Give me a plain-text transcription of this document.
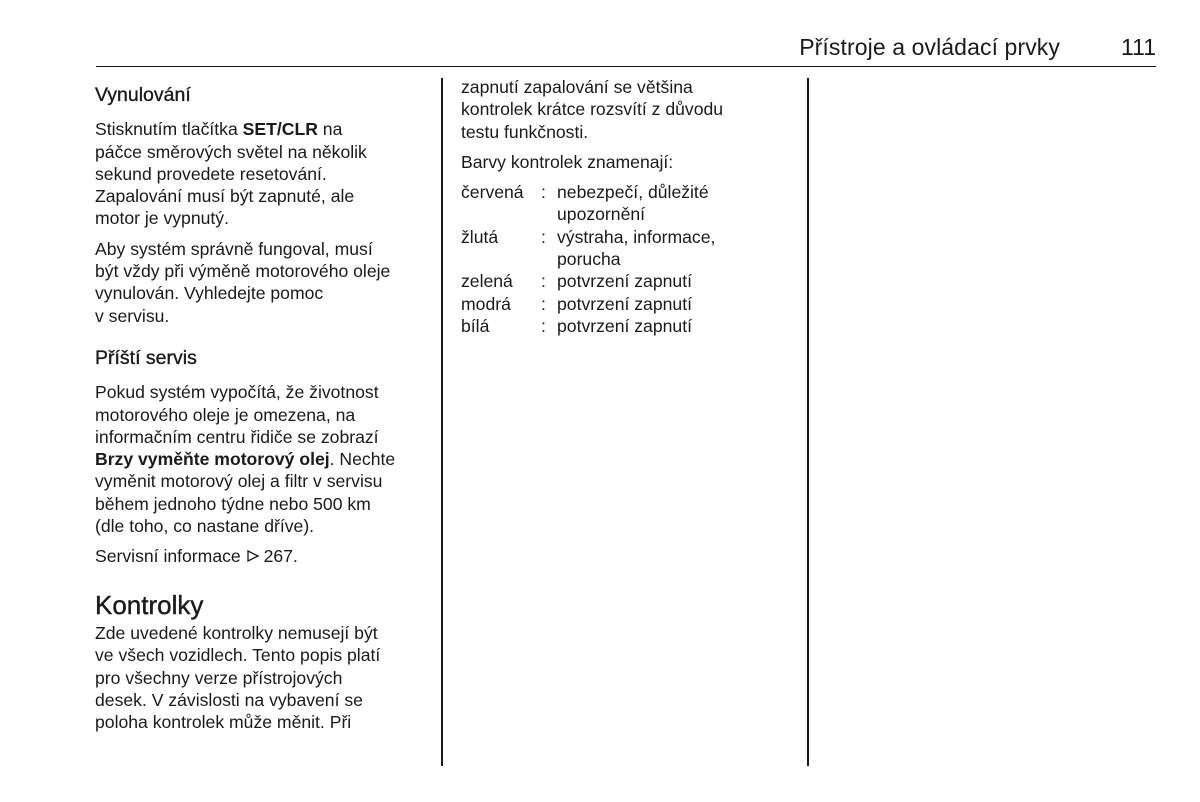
Přístroje a ovládací prvky	111
Vynulování

Stisknutím tlačítka SET/CLR na
páčce směrových světel na několik
sekund provedete resetování.
Zapalování musí být zapnuté, ale
motor je vypnutý.

Aby systém správně fungoval, musí
být vždy při výměně motorového oleje
vynulován. Vyhledejte pomoc
v servisu.

Příští servis

Pokud systém vypočítá, že životnost
motorového oleje je omezena, na
informačním centru řidiče se zobrazí
Brzy vyměňte motorový olej. Nechte
vyměnit motorový olej a filtr v servisu
během jednoho týdne nebo 500 km
(dle toho, co nastane dříve).

Servisní informace 267.

Kontrolky

Zde uvedené kontrolky nemusejí být
ve všech vozidlech. Tento popis platí
pro všechny verze přístrojových
desek. V závislosti na vybavení se
poloha kontrolek může měnit. Při

zapnutí zapalování se většina
kontrolek krátce rozsvítí z důvodu
testu funkčnosti.

Barvy kontrolek znamenají:

červená	:	nebezpečí, důležité
upozornění
žlutá	:	výstraha, informace,
porucha
zelená	:	potvrzení zapnutí
modrá	:	potvrzení zapnutí
bílá	:	potvrzení zapnutí
